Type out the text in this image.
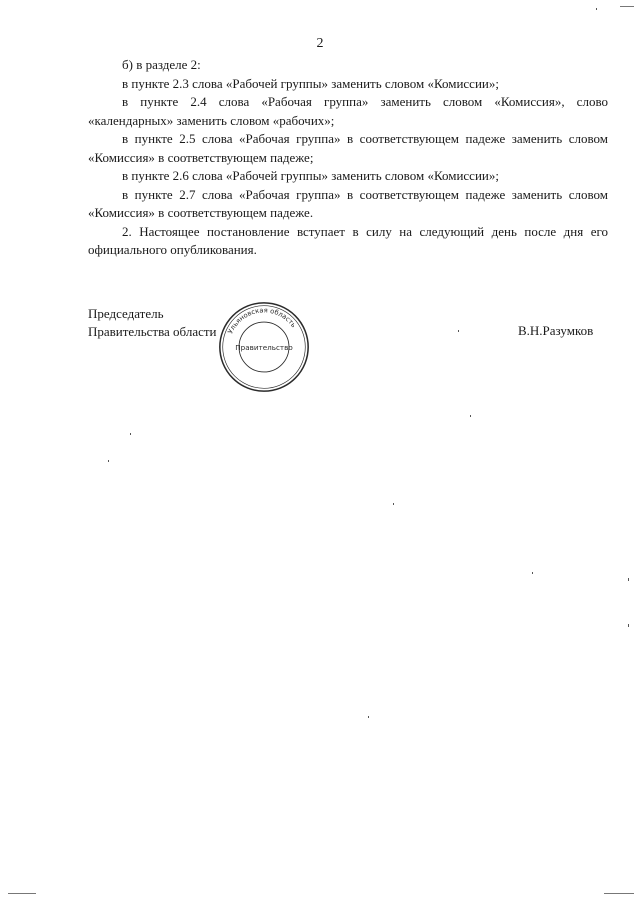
2

б) в разделе 2:

в пункте 2.3 слова «Рабочей группы» заменить словом «Комиссии»;

в пункте 2.4 слова «Рабочая группа» заменить словом «Комиссия», слово «календарных» заменить словом «рабочих»;

в пункте 2.5 слова «Рабочая группа» в соответствующем падеже заменить словом «Комиссия» в соответствующем падеже;

в пункте 2.6 слова «Рабочей группы» заменить словом «Комиссии»;

в пункте 2.7 слова «Рабочая группа» в соответствующем падеже заменить словом «Комиссия» в соответствующем падеже.

2. Настоящее постановление вступает в силу на следующий день после дня его официального опубликования.

Председатель
Правительства области	В.Н.Разумков
Ульяновская область
Правительство
